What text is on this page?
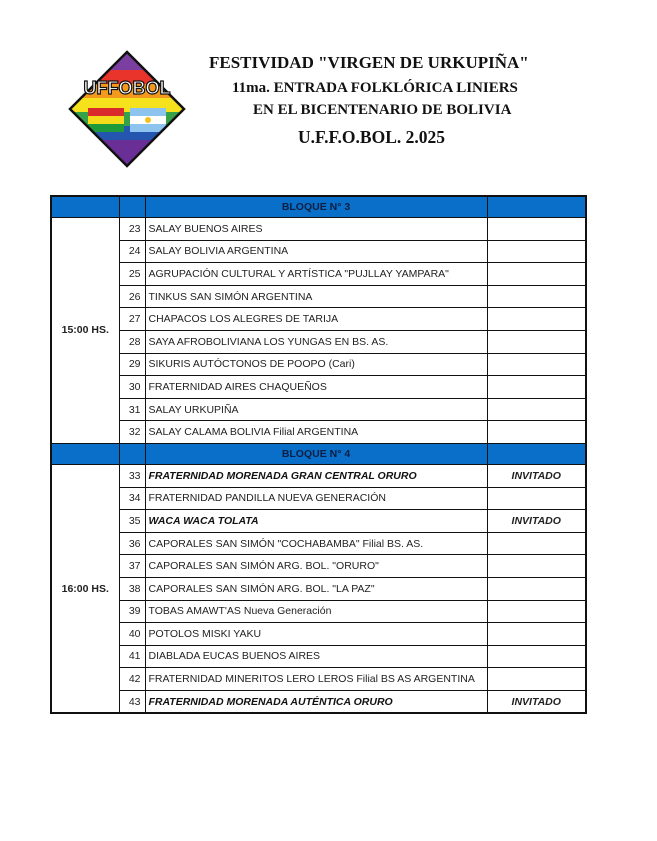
UFFOBOL
FESTIVIDAD "VIRGEN DE URKUPIÑA"
11ma. ENTRADA FOLKLÓRICA LINIERS
EN EL BICENTENARIO DE BOLIVIA
U.F.F.O.BOL. 2.025
		BLOQUE N° 3	
15:00 HS.	23	SALAY BUENOS AIRES	
	24	SALAY BOLIVIA ARGENTINA	
	25	AGRUPACIÓN CULTURAL Y ARTÍSTICA "PUJLLAY YAMPARA"	
	26	TINKUS SAN SIMÓN ARGENTINA	
	27	CHAPACOS LOS ALEGRES DE TARIJA	
	28	SAYA AFROBOLIVIANA LOS YUNGAS EN BS. AS.	
	29	SIKURIS AUTÓCTONOS DE POOPO (Cari)	
	30	FRATERNIDAD AIRES CHAQUEÑOS	
	31	SALAY URKUPIÑA	
	32	SALAY CALAMA BOLIVIA Filial ARGENTINA	
		BLOQUE N° 4	
16:00 HS.	33	FRATERNIDAD MORENADA GRAN CENTRAL ORURO	INVITADO
	34	FRATERNIDAD PANDILLA NUEVA GENERACIÓN	
	35	WACA WACA TOLATA	INVITADO
	36	CAPORALES SAN SIMÓN "COCHABAMBA" Filial BS. AS.	
	37	CAPORALES SAN SIMÓN ARG. BOL. "ORURO"	
	38	CAPORALES SAN SIMÓN ARG. BOL. "LA PAZ"	
	39	TOBAS AMAWT'AS Nueva Generación	
	40	POTOLOS MISKI YAKU	
	41	DIABLADA EUCAS BUENOS AIRES	
	42	FRATERNIDAD MINERITOS LERO LEROS Filial BS AS ARGENTINA	
	43	FRATERNIDAD MORENADA AUTÉNTICA ORURO	INVITADO
